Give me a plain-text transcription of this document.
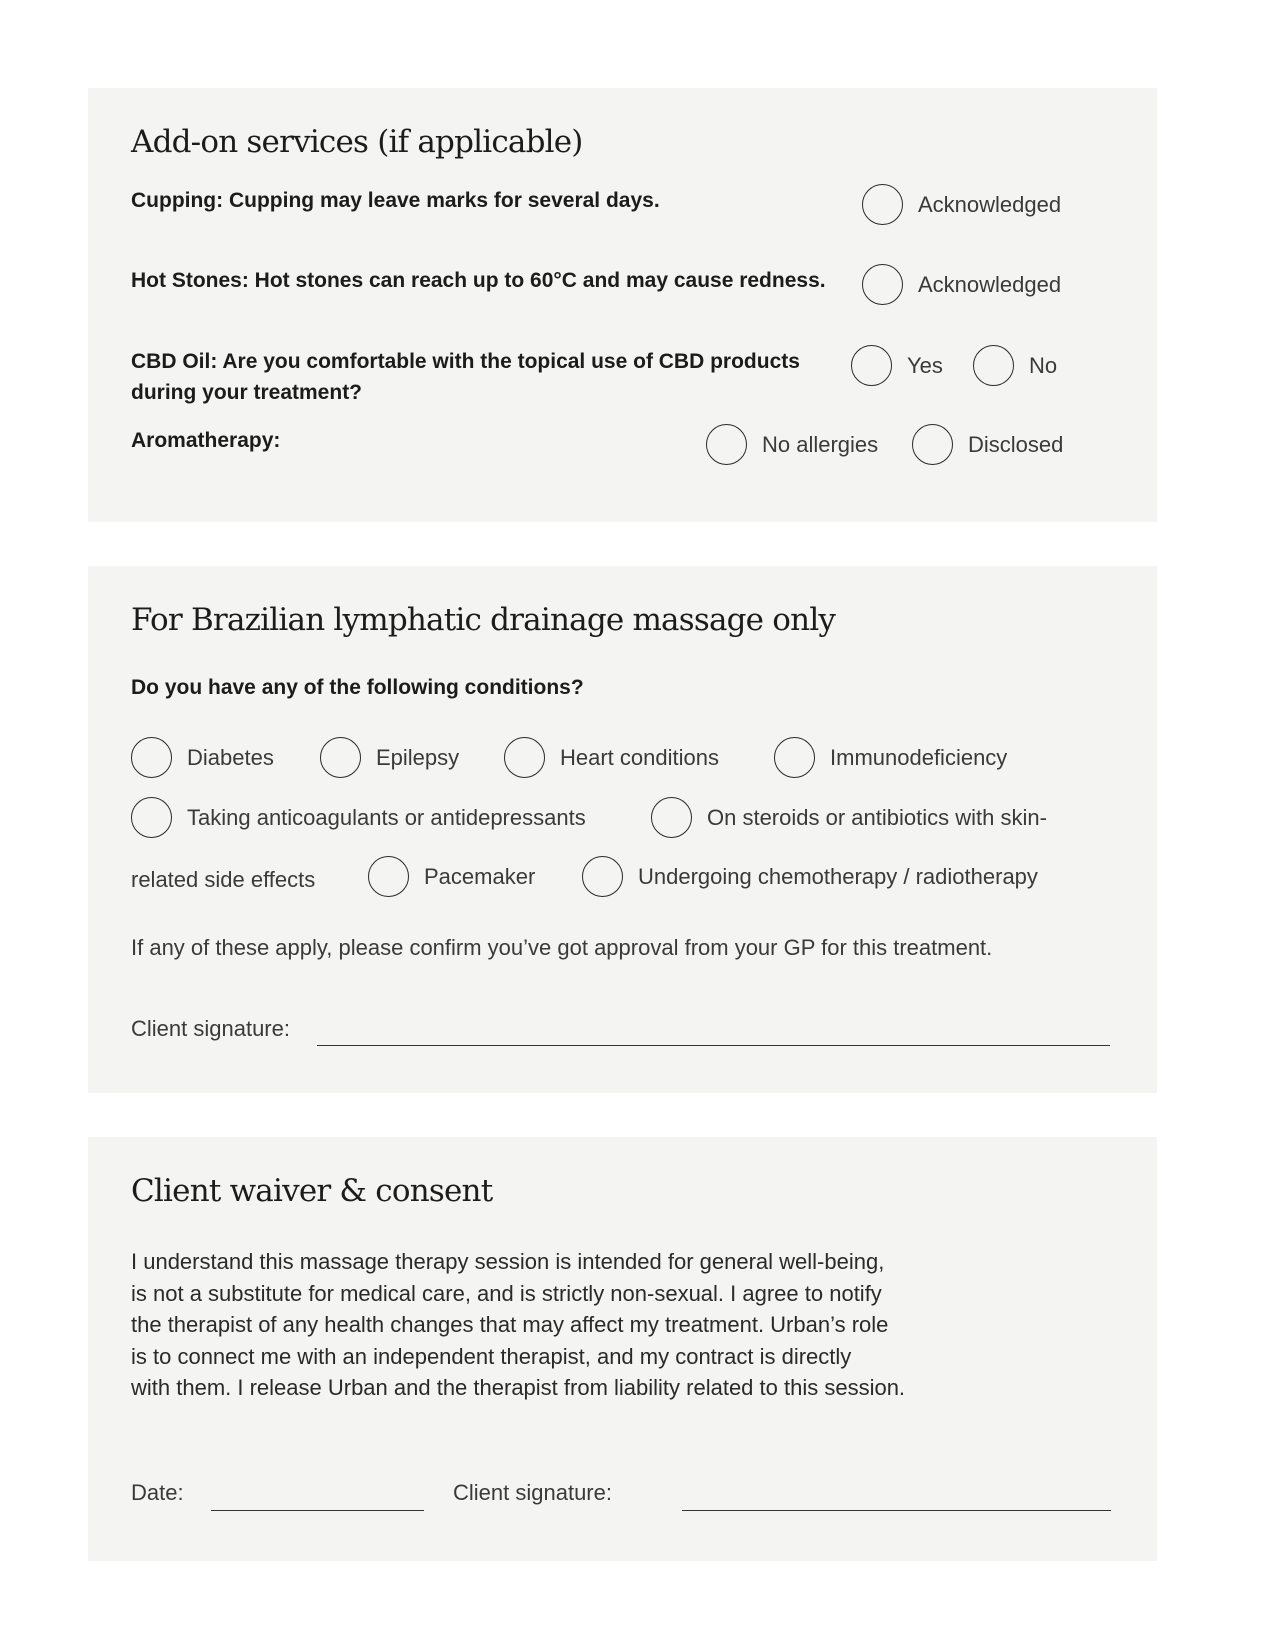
Add-on services (if applicable)
Cupping: Cupping may leave marks for several days.	Acknowledged
Hot Stones: Hot stones can reach up to 60°C and may cause redness.	Acknowledged
CBD Oil: Are you comfortable with the topical use of CBD products during your treatment?
Yes	No
Aromatherapy:	No allergies	Disclosed
For Brazilian lymphatic drainage massage only
Do you have any of the following conditions?
Diabetes	Epilepsy	Heart conditions	Immunodeficiency
Taking anticoagulants or antidepressants	On steroids or antibiotics with skin-
related side effects	Pacemaker	Undergoing chemotherapy / radiotherapy
If any of these apply, please confirm you’ve got approval from your GP for this treatment.
Client signature:
Client waiver & consent
I understand this massage therapy session is intended for general well-being,
is not a substitute for medical care, and is strictly non-sexual. I agree to notify
the therapist of any health changes that may affect my treatment. Urban’s role
is to connect me with an independent therapist, and my contract is directly
with them. I release Urban and the therapist from liability related to this session.
Date:	Client signature:
